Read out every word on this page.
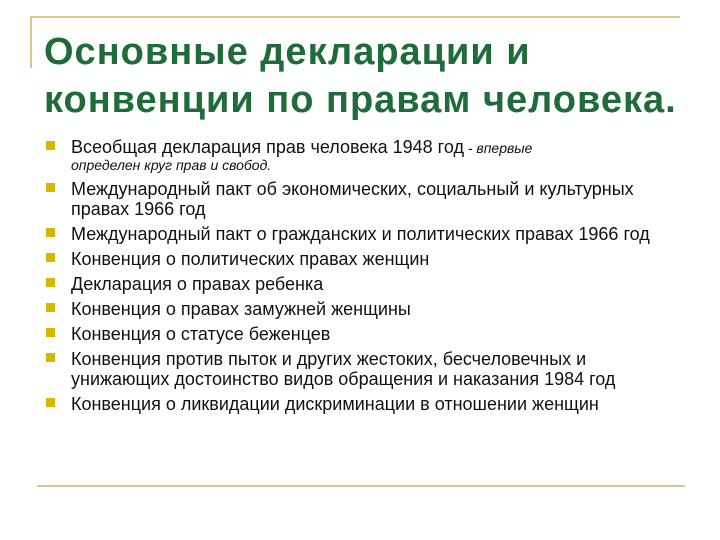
Основные декларации и конвенции по правам человека.
Всеобщая декларация прав человека 1948 год - впервые
определен круг прав и свобод.
Международный пакт об экономических, социальный и культурных правах 1966 год
Международный пакт о гражданских и политических правах 1966 год
Конвенция о политических правах женщин
Декларация о правах ребенка
Конвенция о правах замужней женщины
Конвенция о статусе беженцев
Конвенция против пыток и других жестоких, бесчеловечных и унижающих достоинство видов обращения и наказания 1984 год
Конвенция о ликвидации дискриминации в отношении женщин
